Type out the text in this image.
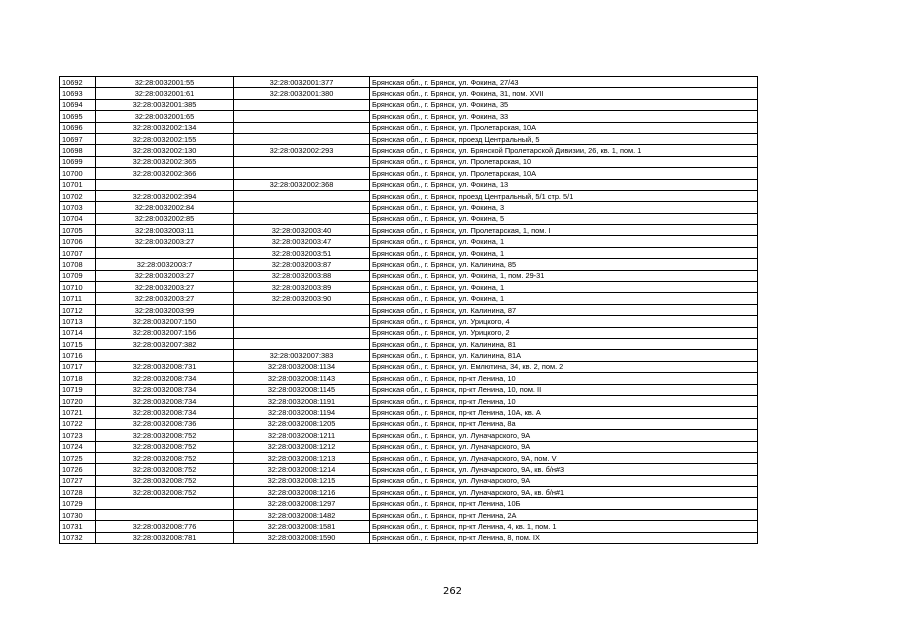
10692	32:28:0032001:55	32:28:0032001:377	Брянская обл., г. Брянск, ул. Фокина, 27/43
10693	32:28:0032001:61	32:28:0032001:380	Брянская обл., г. Брянск, ул. Фокина, 31, пом. XVII
10694	32:28:0032001:385		Брянская обл., г. Брянск, ул. Фокина, 35
10695	32:28:0032001:65		Брянская обл., г. Брянск, ул. Фокина, 33
10696	32:28:0032002:134		Брянская обл., г. Брянск, ул. Пролетарская, 10А
10697	32:28:0032002:155		Брянская обл., г. Брянск, проезд Центральный, 5
10698	32:28:0032002:130	32:28:0032002:293	Брянская обл., г. Брянск, ул. Брянской Пролетарской Дивизии, 26, кв. 1, пом. 1
10699	32:28:0032002:365		Брянская обл., г. Брянск, ул. Пролетарская, 10
10700	32:28:0032002:366		Брянская обл., г. Брянск, ул. Пролетарская, 10А
10701		32:28:0032002:368	Брянская обл., г. Брянск, ул. Фокина, 13
10702	32:28:0032002:394		Брянская обл., г. Брянск, проезд Центральный, 5/1 стр. 5/1
10703	32:28:0032002:84		Брянская обл., г. Брянск, ул. Фокина, 3
10704	32:28:0032002:85		Брянская обл., г. Брянск, ул. Фокина, 5
10705	32:28:0032003:11	32:28:0032003:40	Брянская обл., г. Брянск, ул. Пролетарская, 1, пом. I
10706	32:28:0032003:27	32:28:0032003:47	Брянская обл., г. Брянск, ул. Фокина, 1
10707		32:28:0032003:51	Брянская обл., г. Брянск, ул. Фокина, 1
10708	32:28:0032003:7	32:28:0032003:87	Брянская обл., г. Брянск, ул. Калинина, 85
10709	32:28:0032003:27	32:28:0032003:88	Брянская обл., г. Брянск, ул. Фокина, 1, пом. 29-31
10710	32:28:0032003:27	32:28:0032003:89	Брянская обл., г. Брянск, ул. Фокина, 1
10711	32:28:0032003:27	32:28:0032003:90	Брянская обл., г. Брянск, ул. Фокина, 1
10712	32:28:0032003:99		Брянская обл., г. Брянск, ул. Калинина, 87
10713	32:28:0032007:150		Брянская обл., г. Брянск, ул. Урицкого, 4
10714	32:28:0032007:156		Брянская обл., г. Брянск, ул. Урицкого, 2
10715	32:28:0032007:382		Брянская обл., г. Брянск, ул. Калинина, 81
10716		32:28:0032007:383	Брянская обл., г. Брянск, ул. Калинина, 81А
10717	32:28:0032008:731	32:28:0032008:1134	Брянская обл., г. Брянск, ул. Емлютина, 34, кв. 2, пом. 2
10718	32:28:0032008:734	32:28:0032008:1143	Брянская обл., г. Брянск, пр-кт Ленина, 10
10719	32:28:0032008:734	32:28:0032008:1145	Брянская обл., г. Брянск, пр-кт Ленина, 10, пом. II
10720	32:28:0032008:734	32:28:0032008:1191	Брянская обл., г. Брянск, пр-кт Ленина, 10
10721	32:28:0032008:734	32:28:0032008:1194	Брянская обл., г. Брянск, пр-кт Ленина, 10А, кв. А
10722	32:28:0032008:736	32:28:0032008:1205	Брянская обл., г. Брянск, пр-кт Ленина, 8а
10723	32:28:0032008:752	32:28:0032008:1211	Брянская обл., г. Брянск, ул. Луначарского, 9А
10724	32:28:0032008:752	32:28:0032008:1212	Брянская обл., г. Брянск, ул. Луначарского, 9А
10725	32:28:0032008:752	32:28:0032008:1213	Брянская обл., г. Брянск, ул. Луначарского, 9А, пом. V
10726	32:28:0032008:752	32:28:0032008:1214	Брянская обл., г. Брянск, ул. Луначарского, 9А, кв. б/н#3
10727	32:28:0032008:752	32:28:0032008:1215	Брянская обл., г. Брянск, ул. Луначарского, 9А
10728	32:28:0032008:752	32:28:0032008:1216	Брянская обл., г. Брянск, ул. Луначарского, 9А, кв. б/н#1
10729		32:28:0032008:1297	Брянская обл., г. Брянск, пр-кт Ленина, 10Б
10730		32:28:0032008:1482	Брянская обл., г. Брянск, пр-кт Ленина, 2А
10731	32:28:0032008:776	32:28:0032008:1581	Брянская обл., г. Брянск, пр-кт Ленина, 4, кв. 1, пом. 1
10732	32:28:0032008:781	32:28:0032008:1590	Брянская обл., г. Брянск, пр-кт Ленина, 8, пом. IX
262
